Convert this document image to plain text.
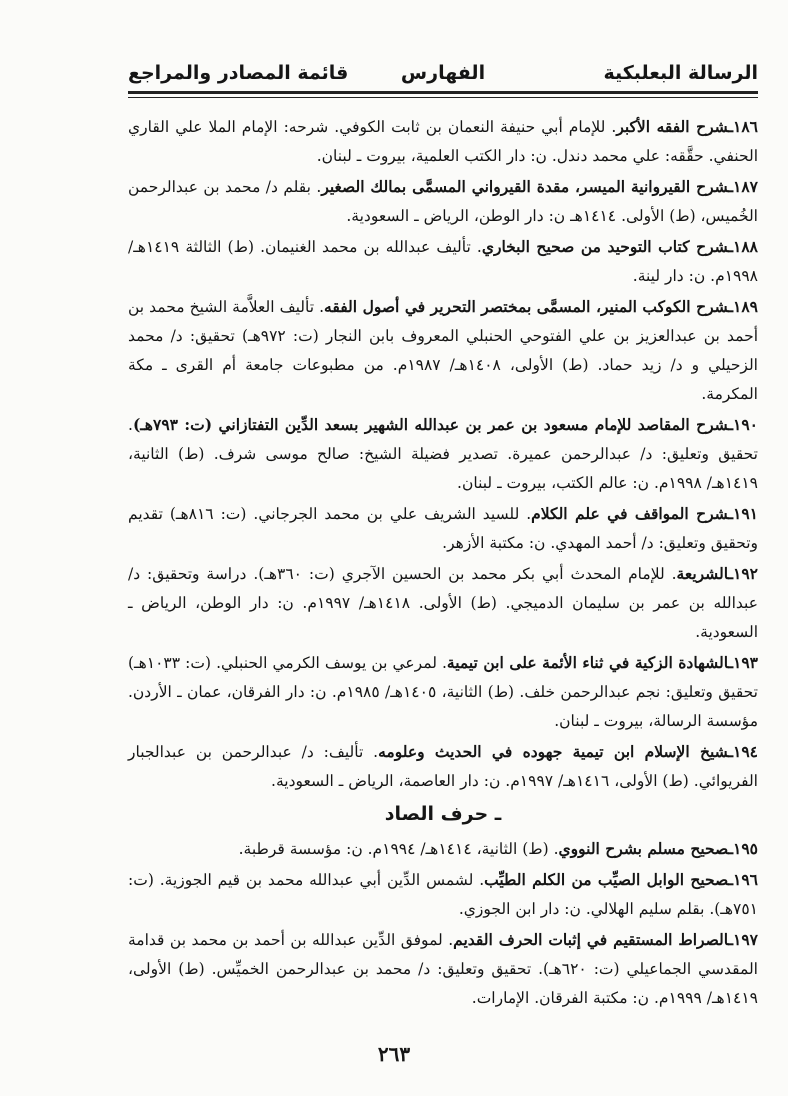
الرسالة البعلبكية
الفهارس
قائمة المصادر والمراجع

١٨٦ـشرح الفقه الأكبر. للإمام أبي حنيفة النعمان بن ثابت الكوفي. شرحه: الإمام الملا علي القاري الحنفي. حقَّقه: علي محمد دندل. ن: دار الكتب العلمية، بيروت ـ لبنان.

١٨٧ـشرح القيروانية الميسر، مقدة القيرواني المسمَّى بمالك الصغير. بقلم د/ محمد بن عبدالرحمن الخُميس، (ط) الأولى. ١٤١٤هـ ن: دار الوطن، الرياض ـ السعودية.

١٨٨ـشرح كتاب التوحيد من صحيح البخاري. تأليف عبدالله بن محمد الغنيمان. (ط) الثالثة ١٤١٩هـ/ ١٩٩٨م. ن: دار لينة.

١٨٩ـشرح الكوكب المنير، المسمَّى بمختصر التحرير في أصول الفقه. تأليف العلاَّمة الشيخ محمد بن أحمد بن عبدالعزيز بن علي الفتوحي الحنبلي المعروف بابن النجار (ت: ٩٧٢هـ) تحقيق: د/ محمد الزحيلي و د/ زيد حماد. (ط) الأولى، ١٤٠٨هـ/ ١٩٨٧م. من مطبوعات جامعة أم القرى ـ مكة المكرمة.

١٩٠ـشرح المقاصد للإمام مسعود بن عمر بن عبدالله الشهير بسعد الدِّين التفتازاني (ت: ٧٩٣هـ). تحقيق وتعليق: د/ عبدالرحمن عميرة. تصدير فضيلة الشيخ: صالح موسى شرف. (ط) الثانية، ١٤١٩هـ/ ١٩٩٨م. ن: عالم الكتب، بيروت ـ لبنان.

١٩١ـشرح المواقف في علم الكلام. للسيد الشريف علي بن محمد الجرجاني. (ت: ٨١٦هـ) تقديم وتحقيق وتعليق: د/ أحمد المهدي. ن: مكتبة الأزهر.

١٩٢ـالشريعة. للإمام المحدث أبي بكر محمد بن الحسين الآجري (ت: ٣٦٠هـ). دراسة وتحقيق: د/ عبدالله بن عمر بن سليمان الدميجي. (ط) الأولى. ١٤١٨هـ/ ١٩٩٧م. ن: دار الوطن، الرياض ـ السعودية.

١٩٣ـالشهادة الزكية في ثناء الأئمة على ابن تيمية. لمرعي بن يوسف الكرمي الحنبلي. (ت: ١٠٣٣هـ) تحقيق وتعليق: نجم عبدالرحمن خلف. (ط) الثانية، ١٤٠٥هـ/ ١٩٨٥م. ن: دار الفرقان، عمان ـ الأردن. مؤسسة الرسالة، بيروت ـ لبنان.

١٩٤ـشيخ الإسلام ابن تيمية جهوده في الحديث وعلومه. تأليف: د/ عبدالرحمن بن عبدالجبار الفريوائي. (ط) الأولى، ١٤١٦هـ/ ١٩٩٧م. ن: دار العاصمة، الرياض ـ السعودية.

ـ حرف الصاد

١٩٥ـصحيح مسلم بشرح النووي. (ط) الثانية، ١٤١٤هـ/ ١٩٩٤م. ن: مؤسسة قرطبة.

١٩٦ـصحيح الوابل الصيِّب من الكلم الطيِّب. لشمس الدِّين أبي عبدالله محمد بن قيم الجوزية. (ت: ٧٥١هـ). بقلم سليم الهلالي. ن: دار ابن الجوزي.

١٩٧ـالصراط المستقيم في إثبات الحرف القديم. لموفق الدِّين عبدالله بن أحمد بن محمد بن قدامة المقدسي الجماعيلي (ت: ٦٢٠هـ). تحقيق وتعليق: د/ محمد بن عبدالرحمن الخميِّس. (ط) الأولى، ١٤١٩هـ/ ١٩٩٩م. ن: مكتبة الفرقان. الإمارات.

٢٦٣
